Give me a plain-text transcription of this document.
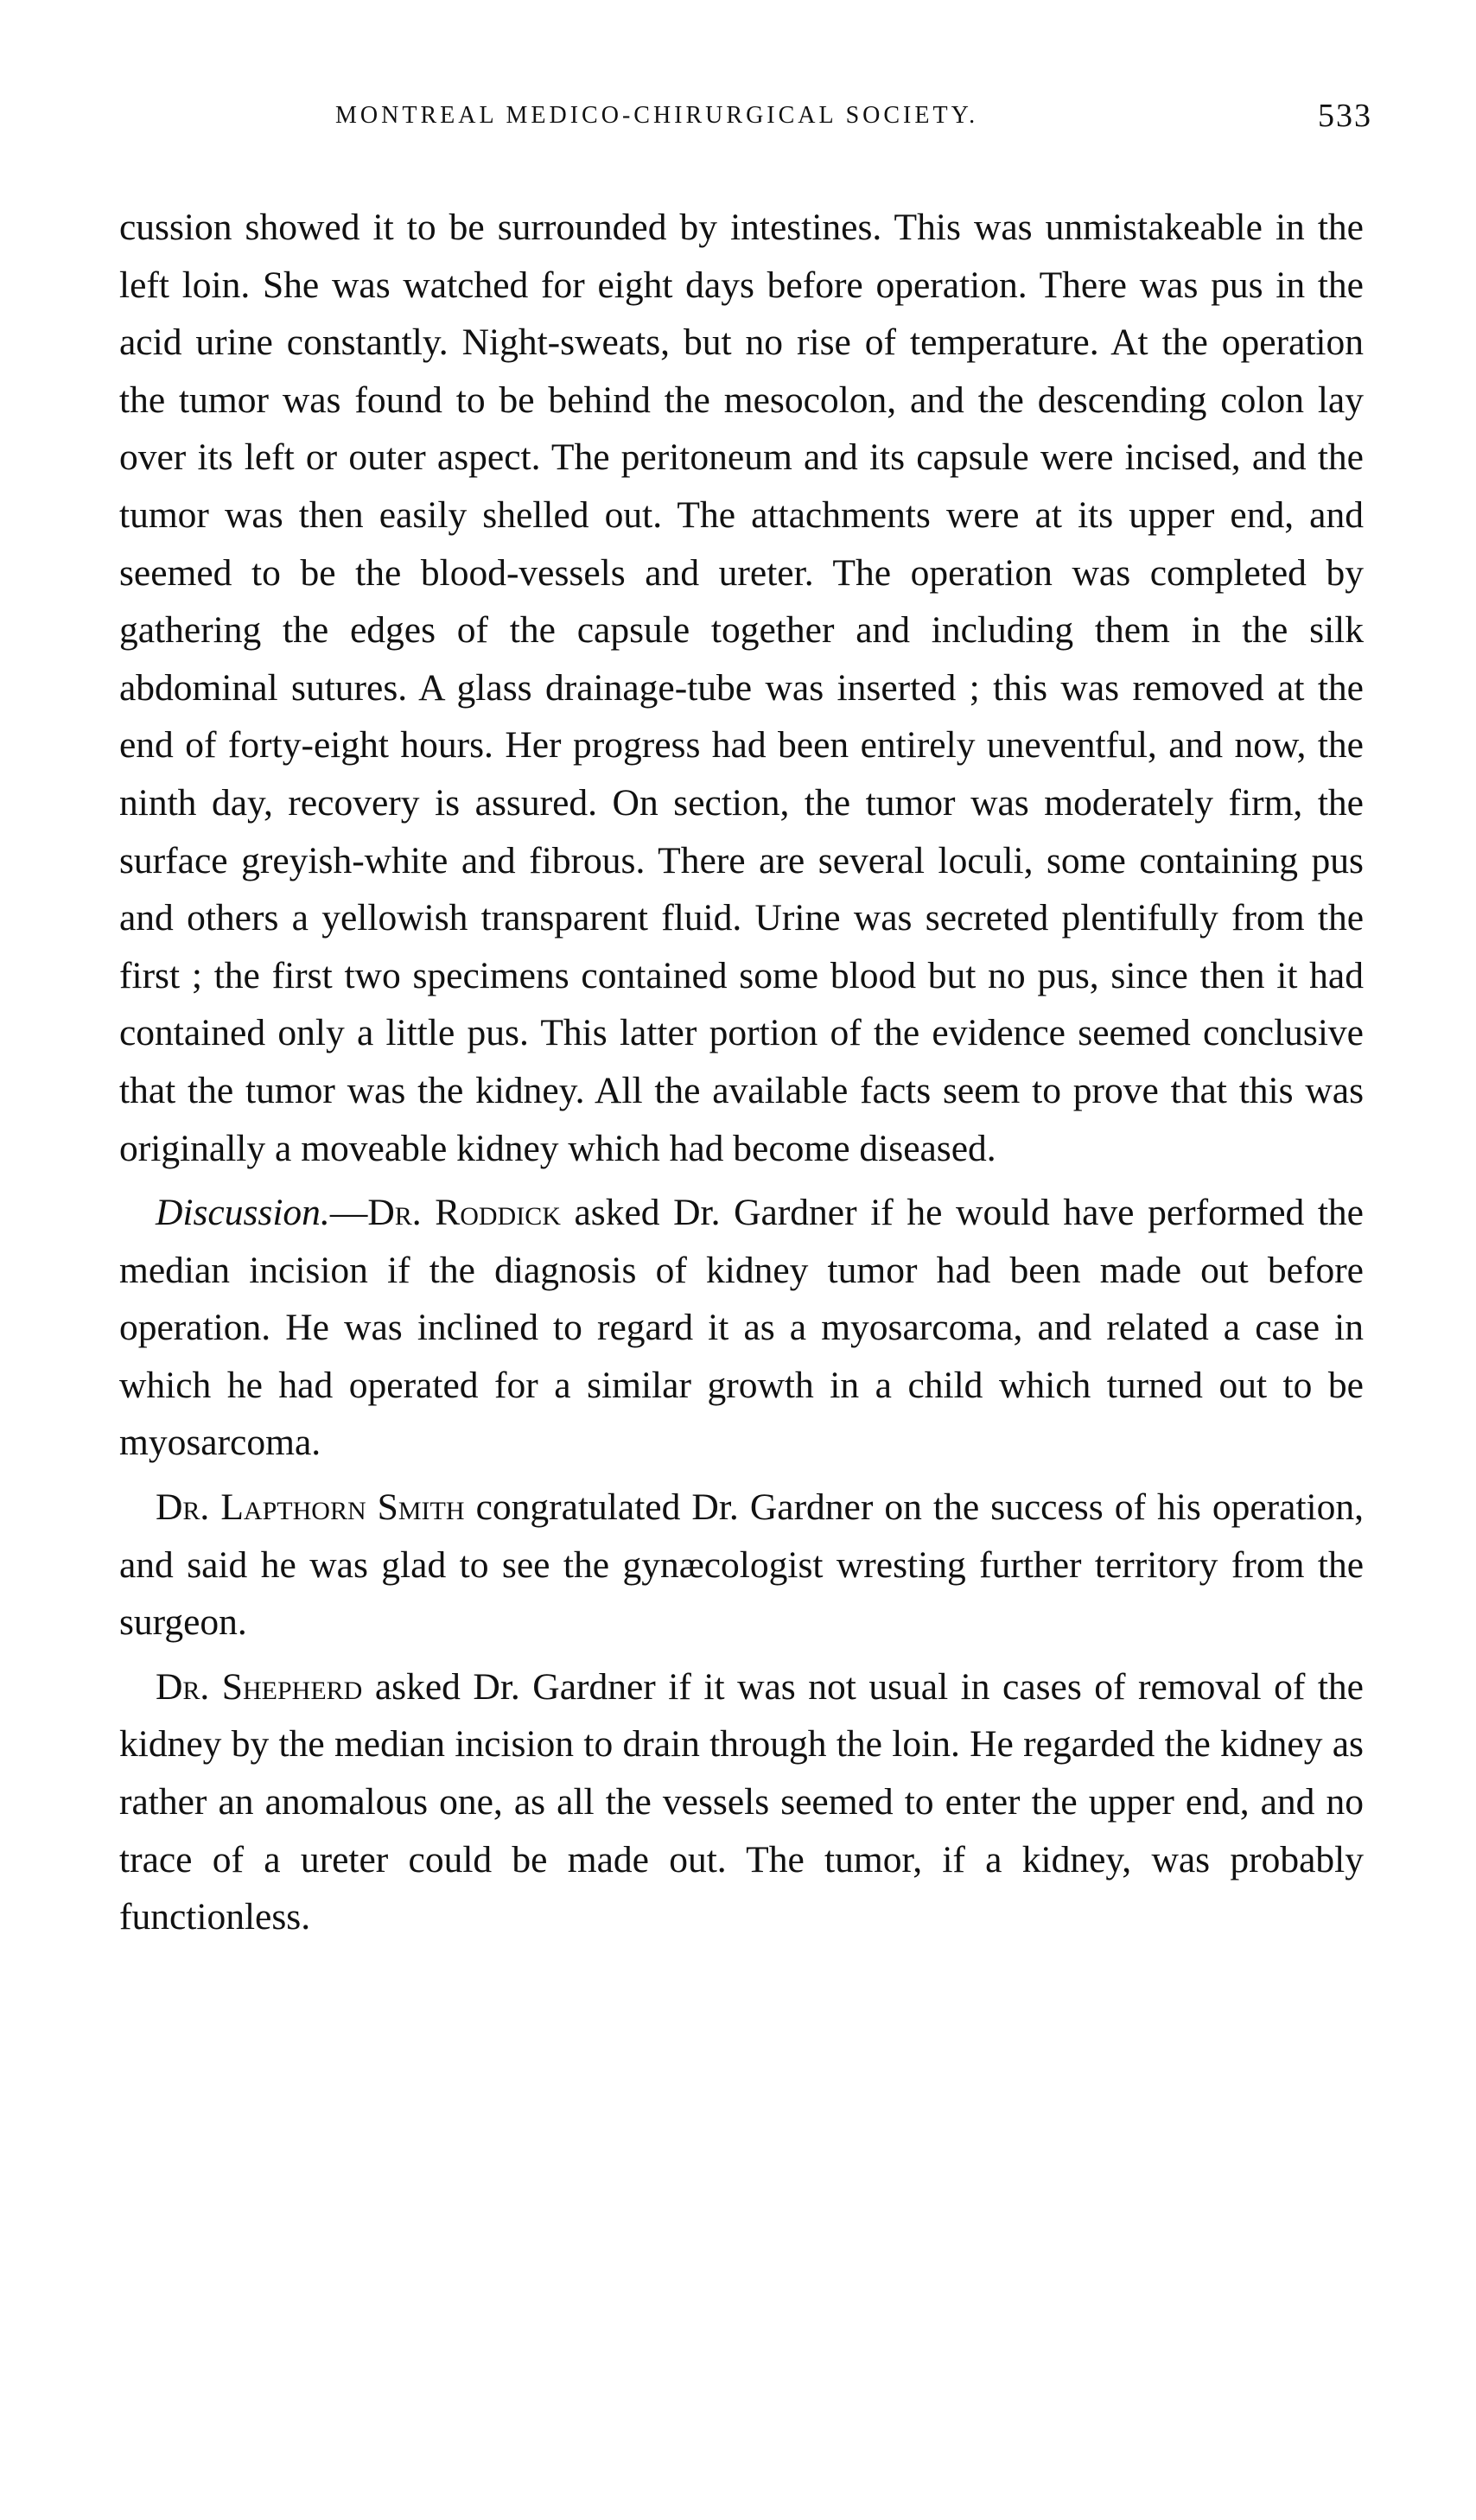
MONTREAL MEDICO-CHIRURGICAL SOCIETY.	533

cussion showed it to be surrounded by intestines. This was unmistakeable in the left loin. She was watched for eight days before operation. There was pus in the acid urine constantly. Night-sweats, but no rise of temperature. At the operation the tumor was found to be behind the mesocolon, and the descending colon lay over its left or outer aspect. The peritoneum and its capsule were incised, and the tumor was then easily shelled out. The attachments were at its upper end, and seemed to be the blood-vessels and ureter. The operation was completed by gathering the edges of the capsule together and including them in the silk abdominal sutures. A glass drainage-tube was inserted ; this was removed at the end of forty-eight hours. Her progress had been entirely uneventful, and now, the ninth day, recovery is assured. On section, the tumor was moderately firm, the surface greyish-white and fibrous. There are several loculi, some containing pus and others a yellowish transparent fluid. Urine was secreted plentifully from the first ; the first two specimens contained some blood but no pus, since then it had contained only a little pus. This latter portion of the evidence seemed conclusive that the tumor was the kidney. All the available facts seem to prove that this was originally a moveable kidney which had become diseased.

Discussion.—Dr. Roddick asked Dr. Gardner if he would have performed the median incision if the diagnosis of kidney tumor had been made out before operation. He was inclined to regard it as a myosarcoma, and related a case in which he had operated for a similar growth in a child which turned out to be myosarcoma.

Dr. Lapthorn Smith congratulated Dr. Gardner on the success of his operation, and said he was glad to see the gynæcologist wresting further territory from the surgeon.

Dr. Shepherd asked Dr. Gardner if it was not usual in cases of removal of the kidney by the median incision to drain through the loin. He regarded the kidney as rather an anomalous one, as all the vessels seemed to enter the upper end, and no trace of a ureter could be made out. The tumor, if a kidney, was probably functionless.
